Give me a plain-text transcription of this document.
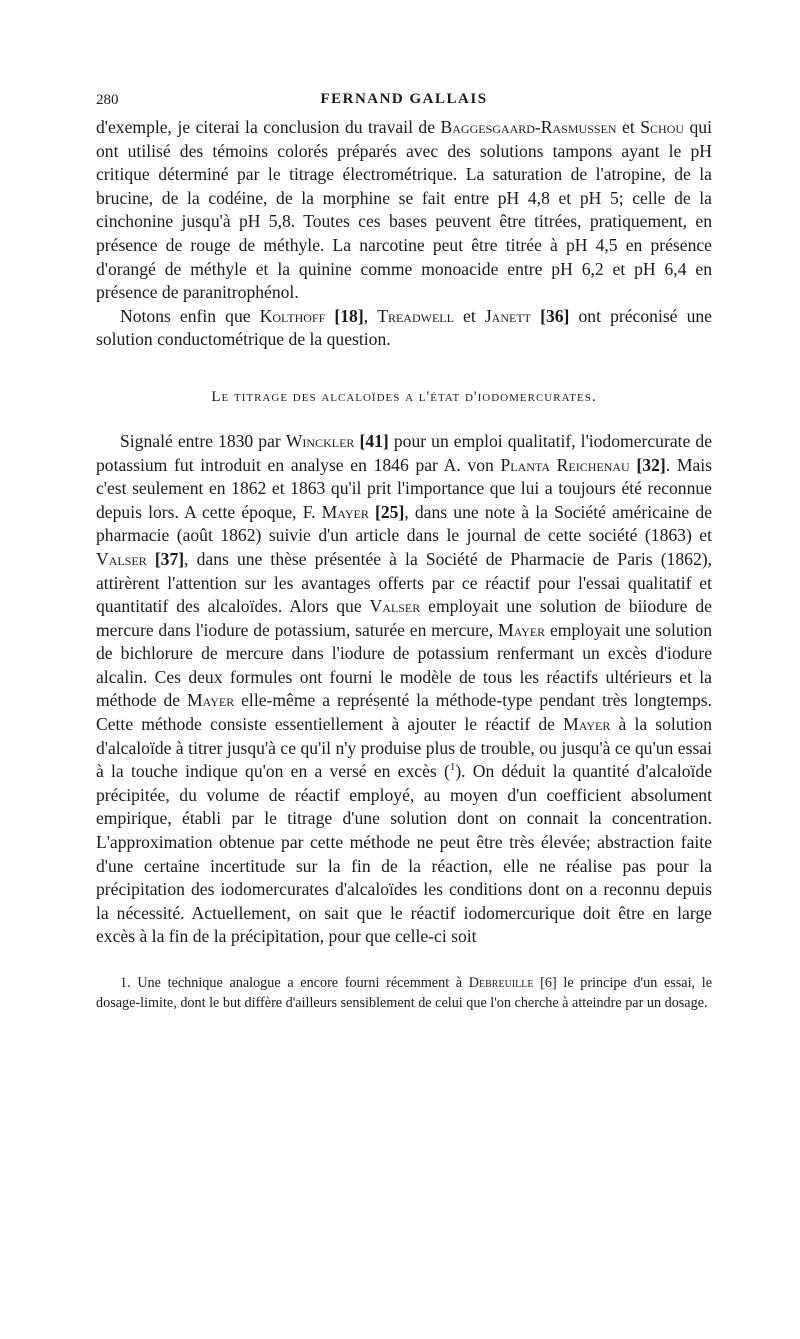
280	FERNAND GALLAIS

d'exemple, je citerai la conclusion du travail de Baggesgaard-Rasmussen et Schou qui ont utilisé des témoins colorés préparés avec des solutions tampons ayant le pH critique déterminé par le titrage électrométrique. La saturation de l'atropine, de la brucine, de la codéine, de la morphine se fait entre pH 4,8 et pH 5; celle de la cinchonine jusqu'à pH 5,8. Toutes ces bases peuvent être titrées, pratiquement, en présence de rouge de méthyle. La narcotine peut être titrée à pH 4,5 en présence d'orangé de méthyle et la quinine comme monoacide entre pH 6,2 et pH 6,4 en présence de paranitrophénol.

Notons enfin que Kolthoff [18], Treadwell et Janett [36] ont préconisé une solution conductométrique de la question.

Le titrage des alcaloïdes a l'état d'iodomercurates.

Signalé entre 1830 par Winckler [41] pour un emploi qualitatif, l'iodomercurate de potassium fut introduit en analyse en 1846 par A. von Planta Reichenau [32]. Mais c'est seulement en 1862 et 1863 qu'il prit l'importance que lui a toujours été reconnue depuis lors. A cette époque, F. Mayer [25], dans une note à la Société américaine de pharmacie (août 1862) suivie d'un article dans le journal de cette société (1863) et Valser [37], dans une thèse présentée à la Société de Pharmacie de Paris (1862), attirèrent l'attention sur les avantages offerts par ce réactif pour l'essai qualitatif et quantitatif des alcaloïdes. Alors que Valser employait une solution de biiodure de mercure dans l'iodure de potassium, saturée en mercure, Mayer employait une solution de bichlorure de mercure dans l'iodure de potassium renfermant un excès d'iodure alcalin. Ces deux formules ont fourni le modèle de tous les réactifs ultérieurs et la méthode de Mayer elle-même a représenté la méthode-type pendant très longtemps. Cette méthode consiste essentiellement à ajouter le réactif de Mayer à la solution d'alcaloïde à titrer jusqu'à ce qu'il n'y produise plus de trouble, ou jusqu'à ce qu'un essai à la touche indique qu'on en a versé en excès ($^1$). On déduit la quantité d'alcaloïde précipitée, du volume de réactif employé, au moyen d'un coefficient absolument empirique, établi par le titrage d'une solution dont on connait la concentration. L'approximation obtenue par cette méthode ne peut être très élevée; abstraction faite d'une certaine incertitude sur la fin de la réaction, elle ne réalise pas pour la précipitation des iodomercurates d'alcaloïdes les conditions dont on a reconnu depuis la nécessité. Actuellement, on sait que le réactif iodomercurique doit être en large excès à la fin de la précipitation, pour que celle-ci soit

1. Une technique analogue a encore fourni récemment à Debreuille [6] le principe d'un essai, le dosage-limite, dont le but diffère d'ailleurs sensiblement de celui que l'on cherche à atteindre par un dosage.
